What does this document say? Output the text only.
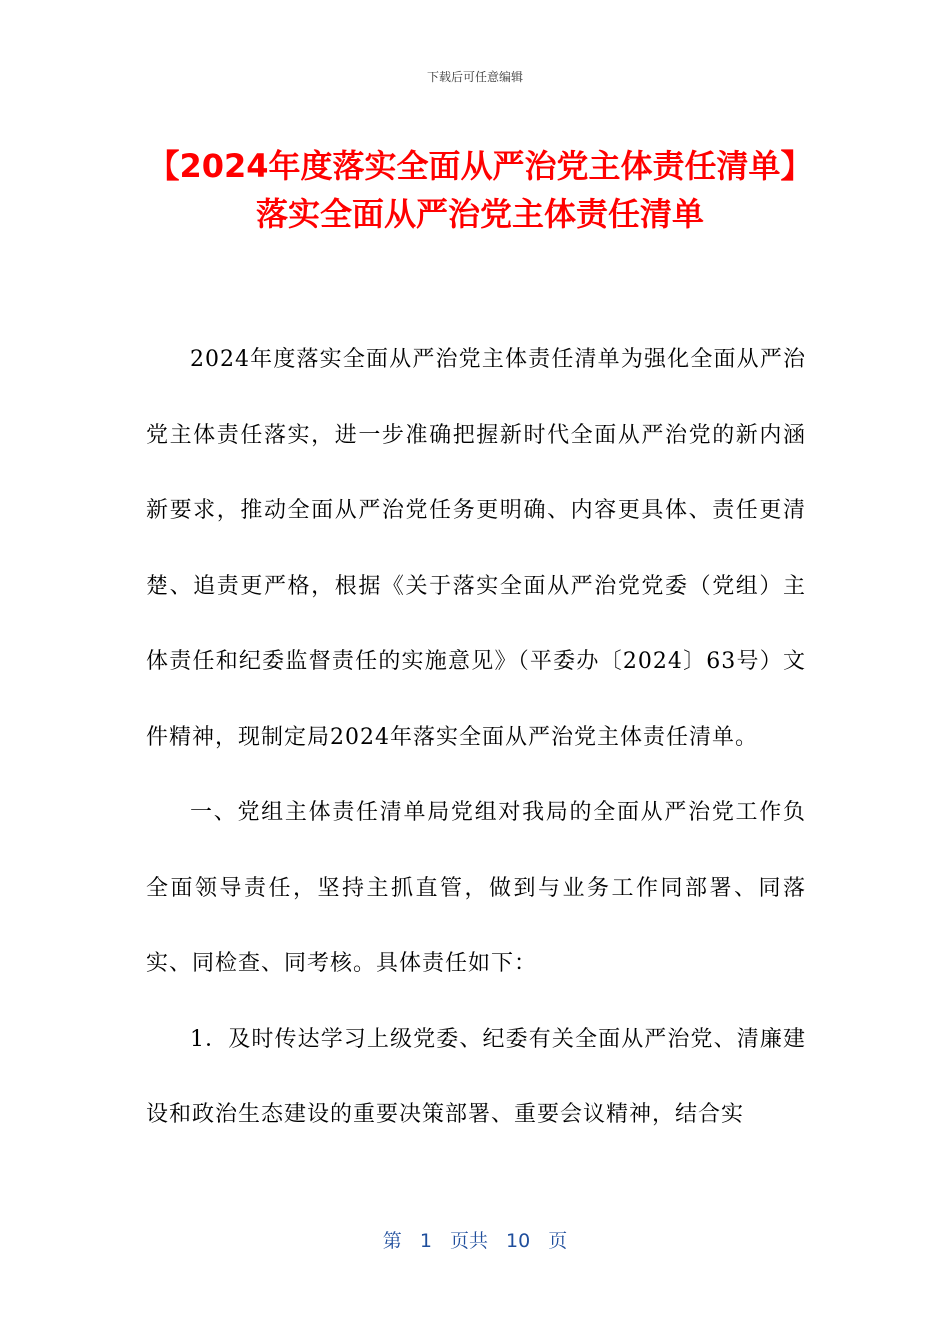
下载后可任意编辑
【2024年度落实全面从严治党主体责任清单】 落实全面从严治党主体责任清单

2024年度落实全面从严治党主体责任清单为强化全面从严治党主体责任落实，进一步准确把握新时代全面从严治党的新内涵新要求，推动全面从严治党任务更明确、内容更具体、责任更清楚、追责更严格，根据《关于落实全面从严治党党委（党组）主体责任和纪委监督责任的实施意见》（平委办〔2024〕63号）文件精神，现制定局2024年落实全面从严治党主体责任清单。

一、党组主体责任清单局党组对我局的全面从严治党工作负全面领导责任，坚持主抓直管，做到与业务工作同部署、同落实、同检查、同考核。具体责任如下：

1．及时传达学习上级党委、纪委有关全面从严治党、清廉建设和政治生态建设的重要决策部署、重要会议精神，结合实

第 1 页共 10 页
